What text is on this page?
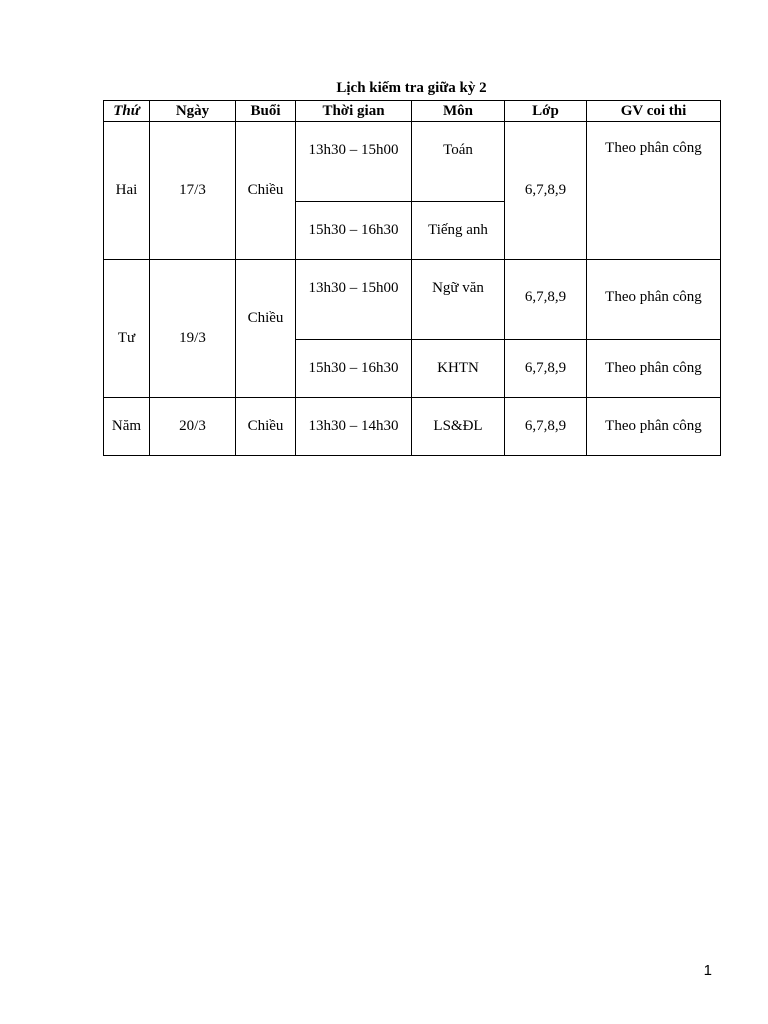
Lịch kiếm tra giữa kỳ 2
Thứ	Ngày	Buổi	Thời gian	Môn	Lớp	GV coi thi
Hai	17/3	Chiều	13h30 – 15h00	Toán	6,7,8,9	Theo phân công
			15h30 – 16h30	Tiếng anh		
Tư	19/3	Chiều	13h30 – 15h00	Ngữ văn	6,7,8,9	Theo phân công
			15h30 – 16h30	KHTN	6,7,8,9	Theo phân công
Năm	20/3	Chiều	13h30 – 14h30	LS&ĐL	6,7,8,9	Theo phân công
1
